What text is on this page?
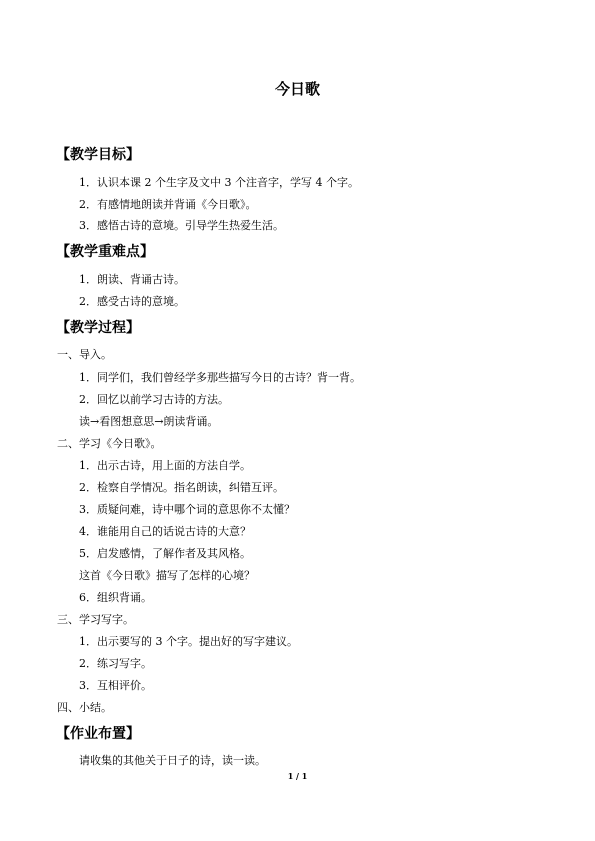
今日歌
【教学目标】
1．认识本课 2 个生字及文中 3 个注音字，学写 4 个字。
2．有感情地朗读并背诵《今日歌》。
3．感悟古诗的意境。引导学生热爱生活。
【教学重难点】
1．朗读、背诵古诗。
2．感受古诗的意境。
【教学过程】
一、导入。
1．同学们，我们曾经学多那些描写今日的古诗？背一背。
2．回忆以前学习古诗的方法。
读→看图想意思→朗读背诵。
二、学习《今日歌》。
1．出示古诗，用上面的方法自学。
2．检察自学情况。指名朗读，纠错互评。
3．质疑问难，诗中哪个词的意思你不太懂？
4．谁能用自己的话说古诗的大意？
5．启发感情，了解作者及其风格。
这首《今日歌》描写了怎样的心境？
6．组织背诵。
三、学习写字。
1．出示要写的 3 个字。提出好的写字建议。
2．练习写字。
3．互相评价。
四、小结。
【作业布置】
请收集的其他关于日子的诗，读一读。
1 / 1
